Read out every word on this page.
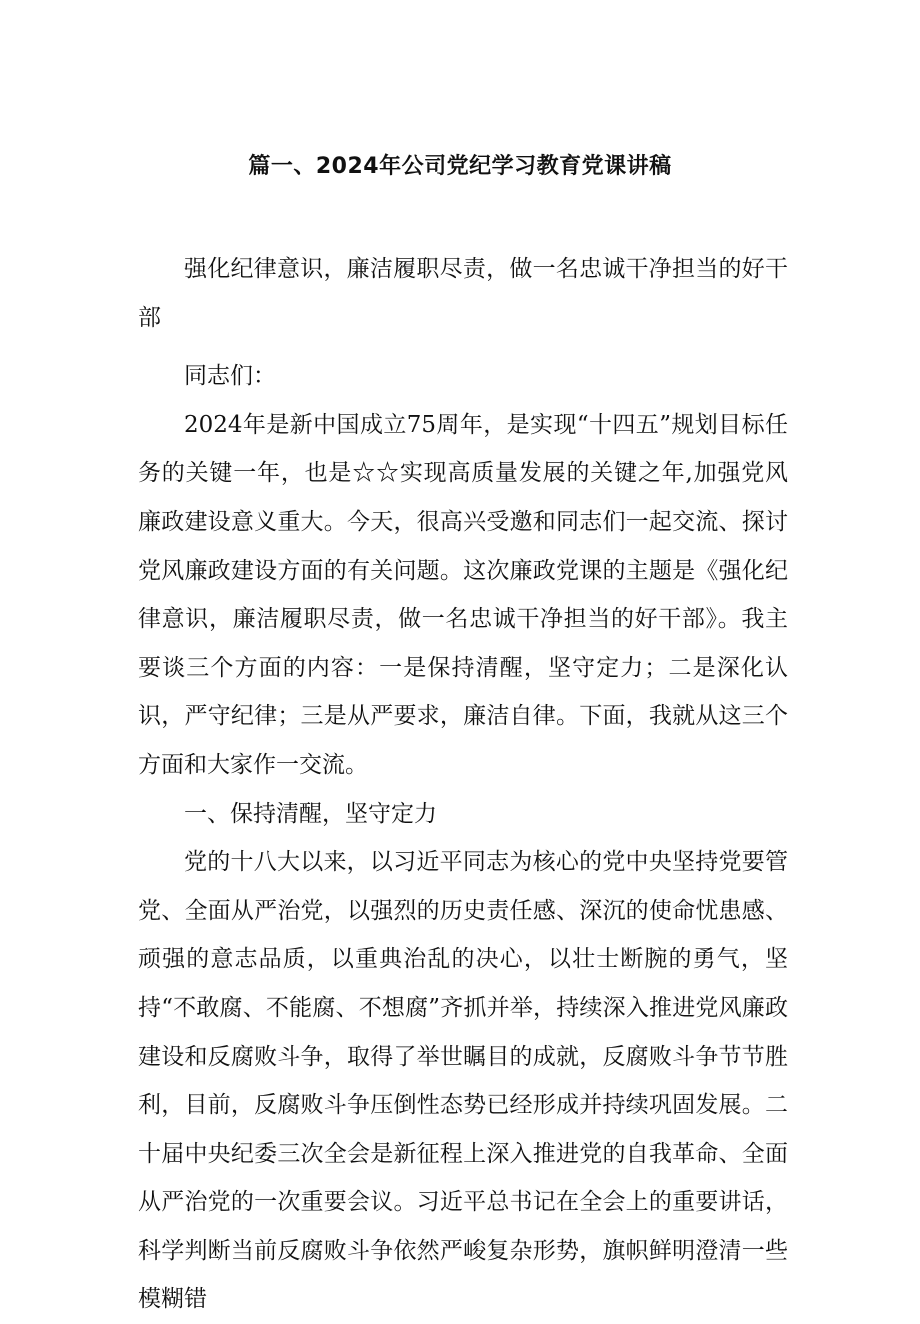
篇一、2024年公司党纪学习教育党课讲稿

强化纪律意识，廉洁履职尽责，做一名忠诚干净担当的好干部

同志们：

2024年是新中国成立75周年，是实现“十四五”规划目标任务的关键一年，也是☆☆实现高质量发展的关键之年,加强党风廉政建设意义重大。今天，很高兴受邀和同志们一起交流、探讨党风廉政建设方面的有关问题。这次廉政党课的主题是《强化纪律意识，廉洁履职尽责，做一名忠诚干净担当的好干部》。我主要谈三个方面的内容：一是保持清醒，坚守定力；二是深化认识，严守纪律；三是从严要求，廉洁自律。下面，我就从这三个方面和大家作一交流。

一、保持清醒，坚守定力

党的十八大以来，以习近平同志为核心的党中央坚持党要管党、全面从严治党，以强烈的历史责任感、深沉的使命忧患感、顽强的意志品质，以重典治乱的决心，以壮士断腕的勇气，坚持“不敢腐、不能腐、不想腐”齐抓并举，持续深入推进党风廉政建设和反腐败斗争，取得了举世瞩目的成就，反腐败斗争节节胜利，目前，反腐败斗争压倒性态势已经形成并持续巩固发展。二十届中央纪委三次全会是新征程上深入推进党的自我革命、全面从严治党的一次重要会议。习近平总书记在全会上的重要讲话，科学判断当前反腐败斗争依然严峻复杂形势，旗帜鲜明澄清一些模糊错
